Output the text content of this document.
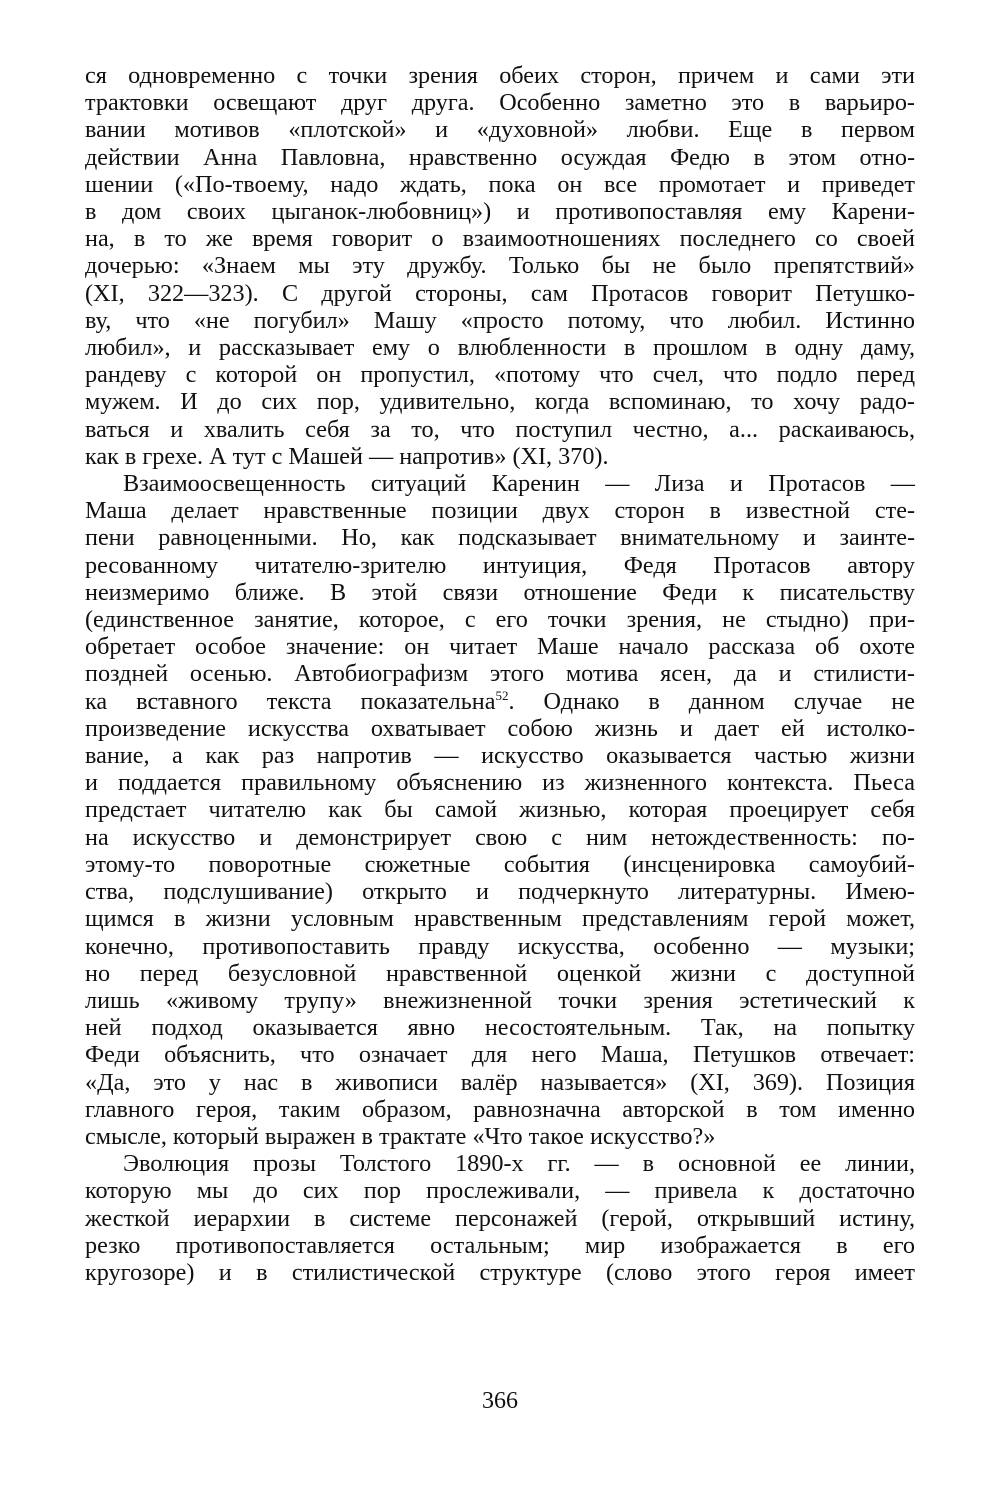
ся одновременно с точки зрения обеих сторон, причем и сами эти
трактовки освещают друг друга. Особенно заметно это в варьиро-
вании мотивов «плотской» и «духовной» любви. Еще в первом
действии Анна Павловна, нравственно осуждая Федю в этом отно-
шении («По-твоему, надо ждать, пока он все промотает и приведет
в дом своих цыганок-любовниц») и противопоставляя ему Карени-
на, в то же время говорит о взаимоотношениях последнего со своей
дочерью: «Знаем мы эту дружбу. Только бы не было препятствий»
(XI, 322—323). С другой стороны, сам Протасов говорит Петушко-
ву, что «не погубил» Машу «просто потому, что любил. Истинно
любил», и рассказывает ему о влюбленности в прошлом в одну даму,
рандеву с которой он пропустил, «потому что счел, что подло перед
мужем. И до сих пор, удивительно, когда вспоминаю, то хочу радо-
ваться и хвалить себя за то, что поступил честно, а... раскаиваюсь,
как в грехе. А тут с Машей — напротив» (XI, 370).

Взаимоосвещенность ситуаций Каренин — Лиза и Протасов —
Маша делает нравственные позиции двух сторон в известной сте-
пени равноценными. Но, как подсказывает внимательному и заинте-
ресованному читателю-зрителю интуиция, Федя Протасов автору
неизмеримо ближе. В этой связи отношение Феди к писательству
(единственное занятие, которое, с его точки зрения, не стыдно) при-
обретает особое значение: он читает Маше начало рассказа об охоте
поздней осенью. Автобиографизм этого мотива ясен, да и стилисти-
ка вставного текста показательна$^{52}$. Однако в данном случае не
произведение искусства охватывает собою жизнь и дает ей истолко-
вание, а как раз напротив — искусство оказывается частью жизни
и поддается правильному объяснению из жизненного контекста. Пьеса
предстает читателю как бы самой жизнью, которая проецирует себя
на искусство и демонстрирует свою с ним нетождественность: по-
этому-то поворотные сюжетные события (инсценировка самоубий-
ства, подслушивание) открыто и подчеркнуто литературны. Имею-
щимся в жизни условным нравственным представлениям герой может,
конечно, противопоставить правду искусства, особенно — музыки;
но перед безусловной нравственной оценкой жизни с доступной
лишь «живому трупу» внежизненной точки зрения эстетический к
ней подход оказывается явно несостоятельным. Так, на попытку
Феди объяснить, что означает для него Маша, Петушков отвечает:
«Да, это у нас в живописи валёр называется» (XI, 369). Позиция
главного героя, таким образом, равнозначна авторской в том именно
смысле, который выражен в трактате «Что такое искусство?»

Эволюция прозы Толстого 1890-х гг. — в основной ее линии,
которую мы до сих пор прослеживали, — привела к достаточно
жесткой иерархии в системе персонажей (герой, открывший истину,
резко противопоставляется остальным; мир изображается в его
кругозоре) и в стилистической структуре (слово этого героя имеет

366
